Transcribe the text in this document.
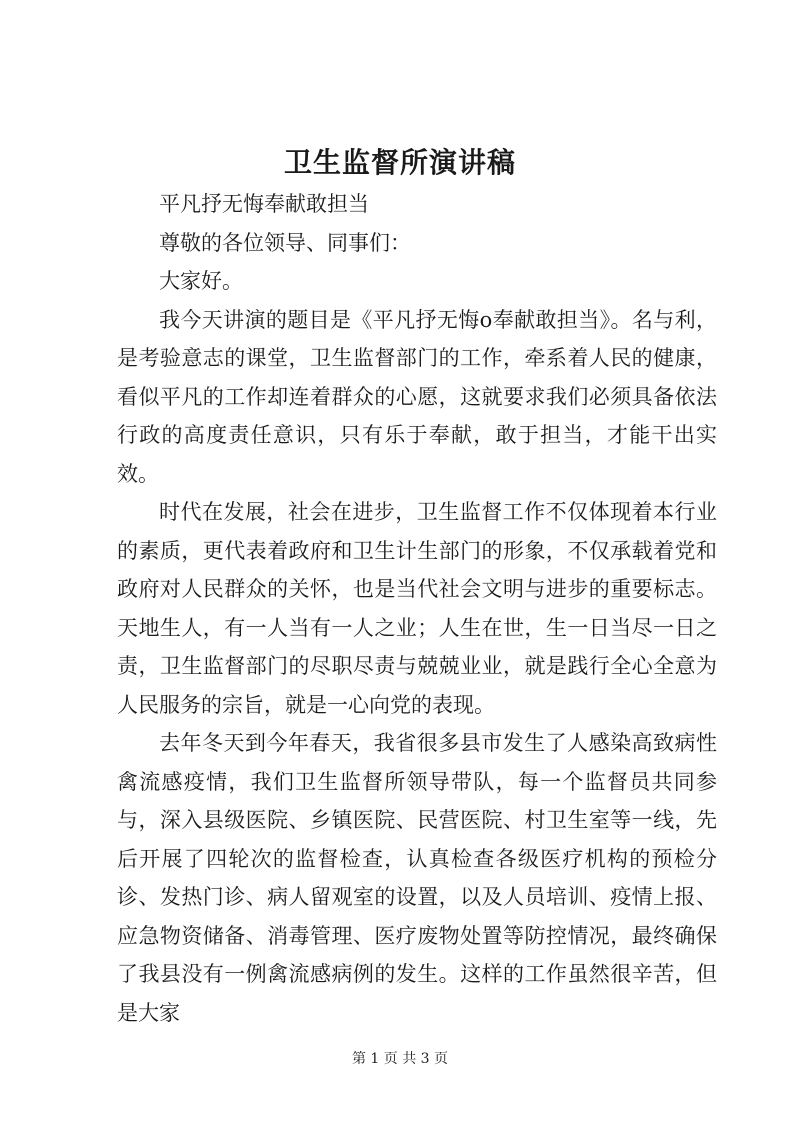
卫生监督所演讲稿

平凡抒无悔奉献敢担当

尊敬的各位领导、同事们：

大家好。

我今天讲演的题目是《平凡抒无悔o奉献敢担当》。名与利，是考验意志的课堂，卫生监督部门的工作，牵系着人民的健康，看似平凡的工作却连着群众的心愿，这就要求我们必须具备依法行政的高度责任意识，只有乐于奉献，敢于担当，才能干出实效。

时代在发展，社会在进步，卫生监督工作不仅体现着本行业的素质，更代表着政府和卫生计生部门的形象，不仅承载着党和政府对人民群众的关怀，也是当代社会文明与进步的重要标志。天地生人，有一人当有一人之业；人生在世，生一日当尽一日之责，卫生监督部门的尽职尽责与兢兢业业，就是践行全心全意为人民服务的宗旨，就是一心向党的表现。

去年冬天到今年春天，我省很多县市发生了人感染高致病性禽流感疫情，我们卫生监督所领导带队，每一个监督员共同参与，深入县级医院、乡镇医院、民营医院、村卫生室等一线，先后开展了四轮次的监督检查，认真检查各级医疗机构的预检分诊、发热门诊、病人留观室的设置，以及人员培训、疫情上报、应急物资储备、消毒管理、医疗废物处置等防控情况，最终确保了我县没有一例禽流感病例的发生。这样的工作虽然很辛苦，但是大家

第 1 页 共 3 页
